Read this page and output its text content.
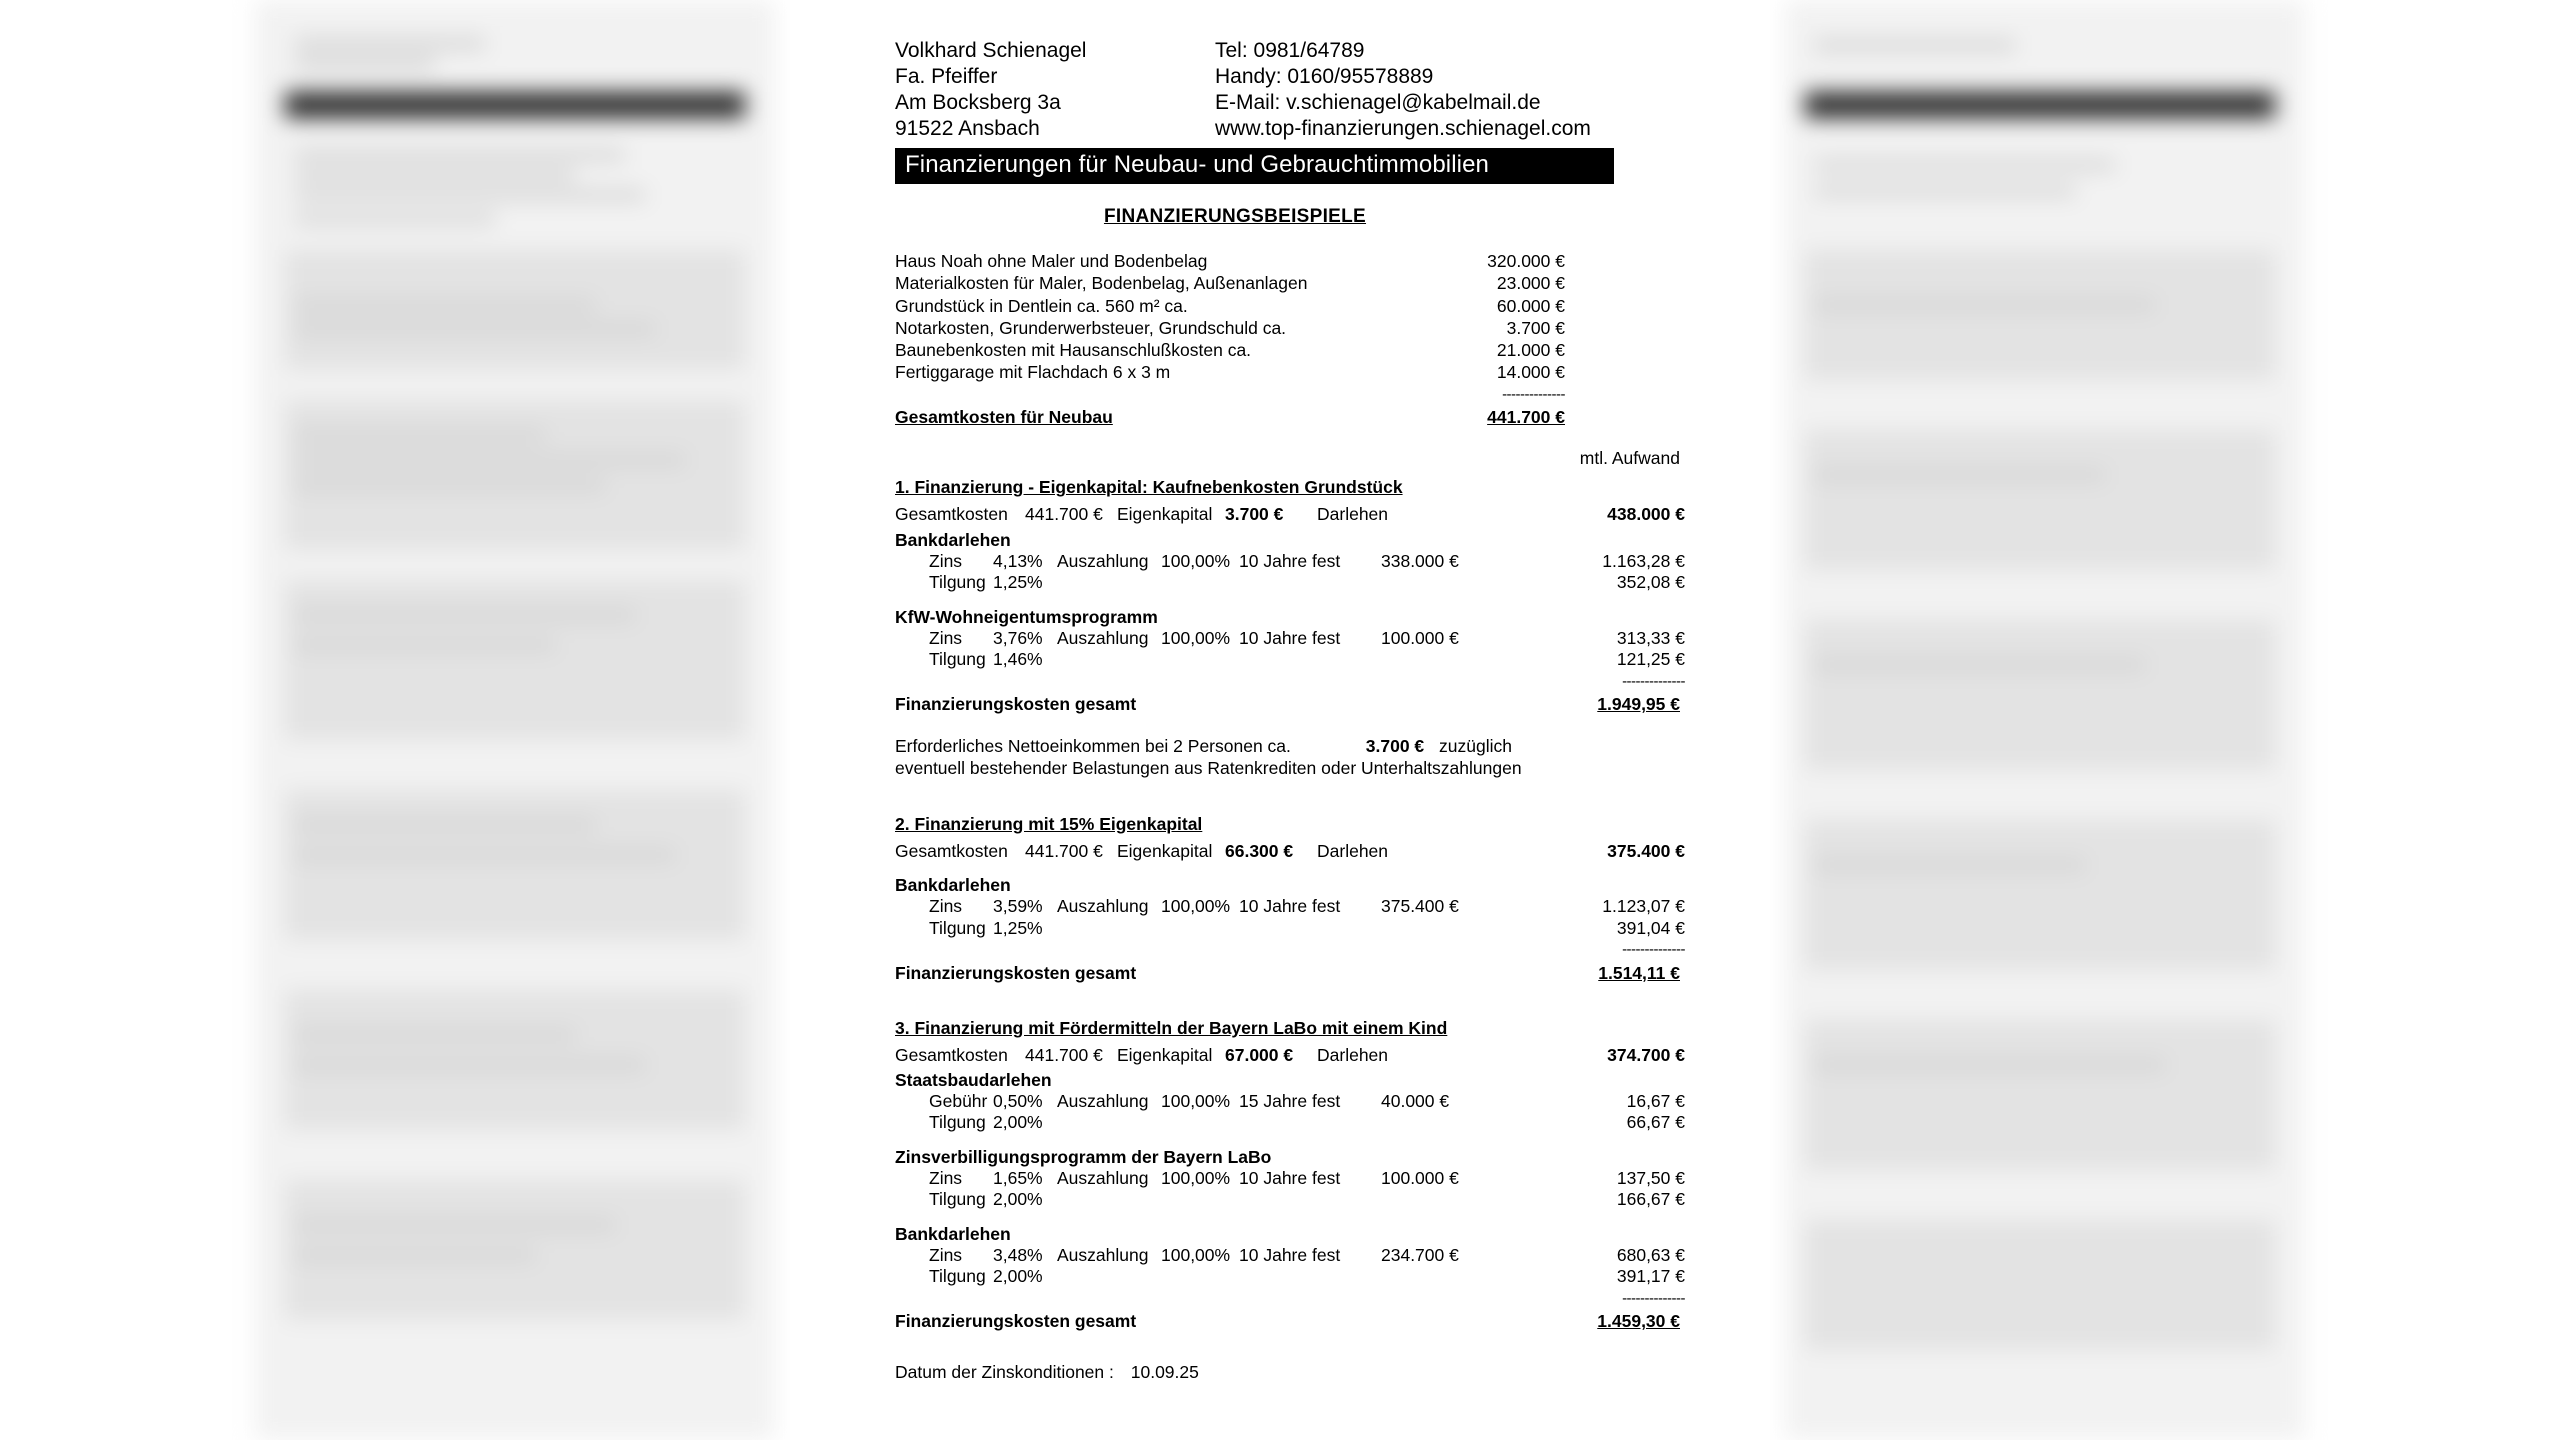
Volkhard Schienagel
Fa. Pfeiffer
Am Bocksberg 3a
91522 Ansbach
Tel: 0981/64789
Handy: 0160/95578889
E-Mail: v.schienagel@kabelmail.de
www.top-finanzierungen.schienagel.com
Finanzierungen für Neubau- und Gebrauchtimmobilien
FINANZIERUNGSBEISPIELE
Haus Noah ohne Maler und Bodenbelag	320.000 €	
Materialkosten für Maler, Bodenbelag, Außenanlagen	23.000 €	
Grundstück in Dentlein ca. 560 m² ca.	60.000 €	
Notarkosten, Grunderwerbsteuer, Grundschuld ca.	3.700 €	
Baunebenkosten mit Hausanschlußkosten ca.	21.000 €	
Fertiggarage mit Flachdach 6 x 3 m	14.000 €	
	--------------	
Gesamtkosten für Neubau	441.700 €	
mtl. Aufwand
1. Finanzierung - Eigenkapital: Kaufnebenkosten Grundstück
Gesamtkosten	441.700 €	Eigenkapital	3.700 €	Darlehen	438.000 €
Bankdarlehen
	Zins	4,13%	Auszahlung	100,00%	10 Jahre fest	338.000 €	1.163,28 €
	Tilgung	1,25%					352,08 €
KfW-Wohneigentumsprogramm
	Zins	3,76%	Auszahlung	100,00%	10 Jahre fest	100.000 €	313,33 €
	Tilgung	1,46%					121,25 €
							--------------
Finanzierungskosten gesamt	1.949,95 €
Erforderliches Nettoeinkommen bei 2 Personen ca.	3.700 € zuzüglich
eventuell bestehender Belastungen aus Ratenkrediten oder Unterhaltszahlungen
2. Finanzierung mit 15% Eigenkapital
Gesamtkosten	441.700 €	Eigenkapital	66.300 €	Darlehen	375.400 €
Bankdarlehen
	Zins	3,59%	Auszahlung	100,00%	10 Jahre fest	375.400 €	1.123,07 €
	Tilgung	1,25%					391,04 €
							--------------
Finanzierungskosten gesamt	1.514,11 €
3. Finanzierung mit Fördermitteln der Bayern LaBo mit einem Kind
Gesamtkosten	441.700 €	Eigenkapital	67.000 €	Darlehen	374.700 €
Staatsbaudarlehen
	Gebühr	0,50%	Auszahlung	100,00%	15 Jahre fest	40.000 €	16,67 €
	Tilgung	2,00%					66,67 €
Zinsverbilligungsprogramm der Bayern LaBo
	Zins	1,65%	Auszahlung	100,00%	10 Jahre fest	100.000 €	137,50 €
	Tilgung	2,00%					166,67 €
Bankdarlehen
	Zins	3,48%	Auszahlung	100,00%	10 Jahre fest	234.700 €	680,63 €
	Tilgung	2,00%					391,17 €
							--------------
Finanzierungskosten gesamt	1.459,30 €
Datum der Zinskonditionen : 10.09.25
